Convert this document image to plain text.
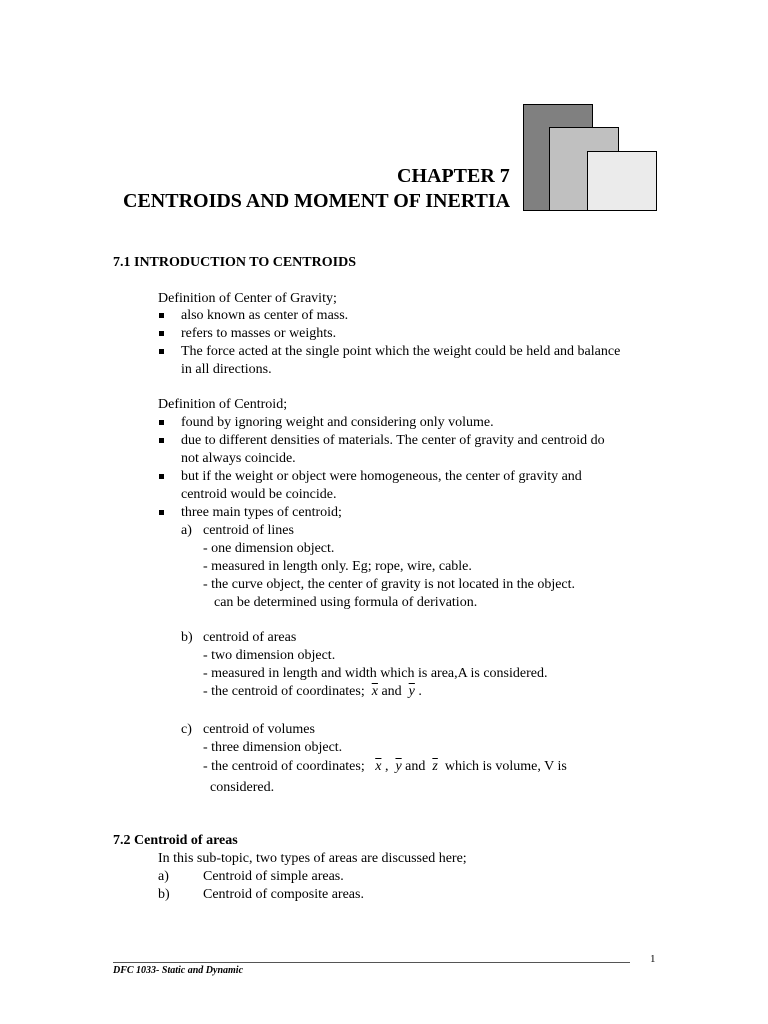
CHAPTER 7
CENTROIDS AND MOMENT OF INERTIA
7.1 INTRODUCTION TO CENTROIDS
Definition of Center of Gravity;
also known as center of mass.
refers to masses or weights.
The force acted at the single point which the weight could be held and balance
in all directions.
Definition of Centroid;
found by ignoring weight and considering only volume.
due to different densities of materials. The center of gravity and centroid do
not always coincide.
but if the weight or object were homogeneous, the center of gravity and
centroid would be coincide.
three main types of centroid;
a) centroid of lines
- one dimension object.
- measured in length only. Eg; rope, wire, cable.
- the curve object, the center of gravity is not located in the object.
can be determined using formula of derivation.
b) centroid of areas
- two dimension object.
- measured in length and width which is area,A is considered.
- the centroid of coordinates; $\overline{x}$ and $\overline{y}$ .
c) centroid of volumes
- three dimension object.
- the centroid of coordinates; $\overline{x}$ ,  $\overline{y}$ and $\overline{z}$ which is volume, V is
considered.
7.2 Centroid of areas
In this sub-topic, two types of areas are discussed here;
a) Centroid of simple areas.
b) Centroid of composite areas.
1
DFC 1033- Static and Dynamic
